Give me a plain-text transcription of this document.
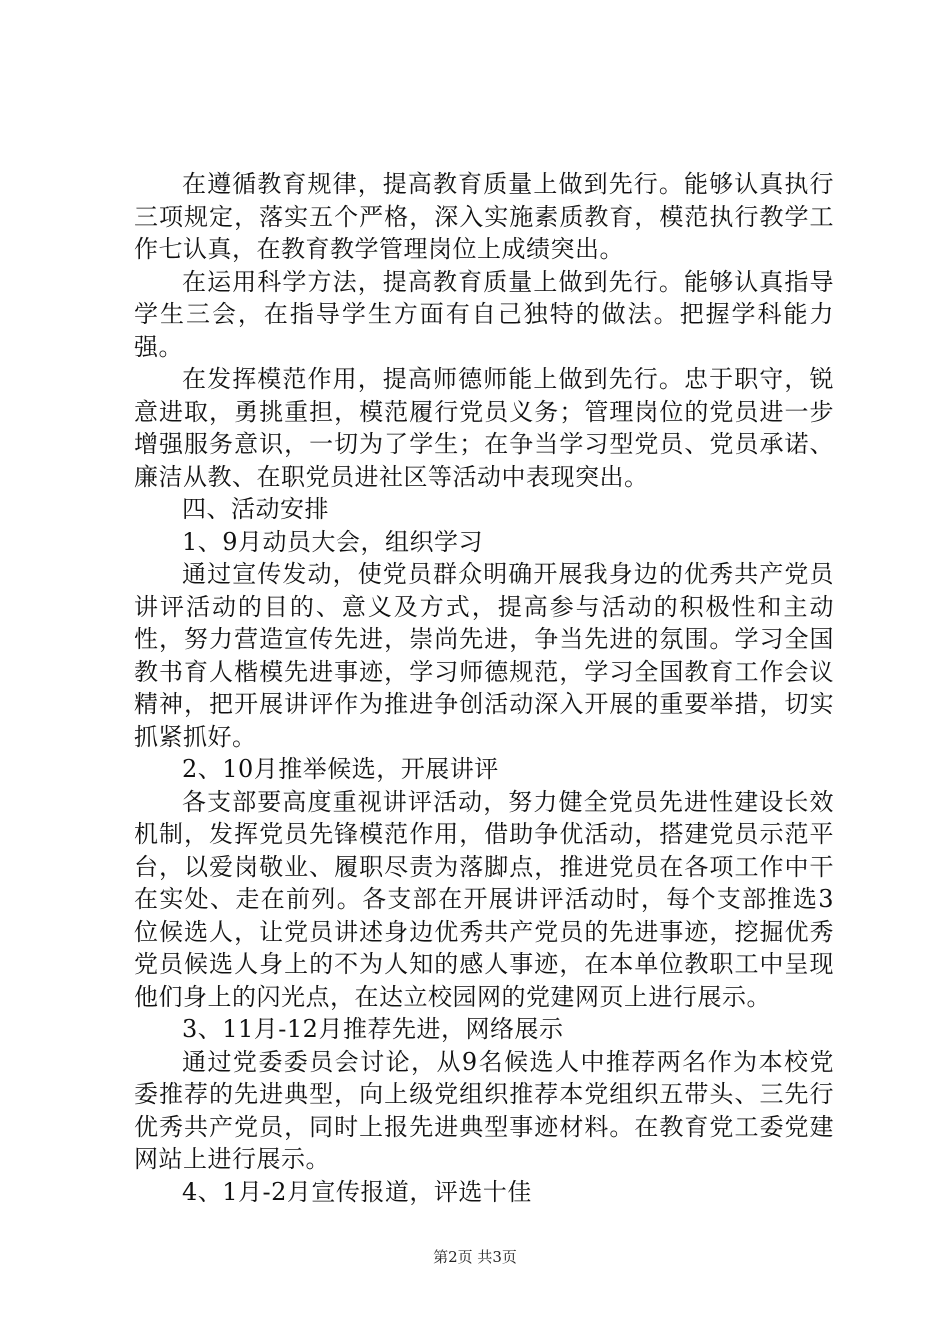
在遵循教育规律，提高教育质量上做到先行。能够认真执行三项规定，落实五个严格，深入实施素质教育，模范执行教学工作七认真，在教育教学管理岗位上成绩突出。

在运用科学方法，提高教育质量上做到先行。能够认真指导学生三会，在指导学生方面有自己独特的做法。把握学科能力强。

在发挥模范作用，提高师德师能上做到先行。忠于职守，锐意进取，勇挑重担，模范履行党员义务；管理岗位的党员进一步增强服务意识，一切为了学生；在争当学习型党员、党员承诺、廉洁从教、在职党员进社区等活动中表现突出。

四、活动安排

1、9月动员大会，组织学习

通过宣传发动，使党员群众明确开展我身边的优秀共产党员讲评活动的目的、意义及方式，提高参与活动的积极性和主动性，努力营造宣传先进，崇尚先进，争当先进的氛围。学习全国教书育人楷模先进事迹，学习师德规范，学习全国教育工作会议精神，把开展讲评作为推进争创活动深入开展的重要举措，切实抓紧抓好。

2、10月推举候选，开展讲评

各支部要高度重视讲评活动，努力健全党员先进性建设长效机制，发挥党员先锋模范作用，借助争优活动，搭建党员示范平台，以爱岗敬业、履职尽责为落脚点，推进党员在各项工作中干在实处、走在前列。各支部在开展讲评活动时，每个支部推选3位候选人，让党员讲述身边优秀共产党员的先进事迹，挖掘优秀党员候选人身上的不为人知的感人事迹，在本单位教职工中呈现他们身上的闪光点，在达立校园网的党建网页上进行展示。

3、11月-12月推荐先进，网络展示

通过党委委员会讨论，从9名候选人中推荐两名作为本校党委推荐的先进典型，向上级党组织推荐本党组织五带头、三先行优秀共产党员，同时上报先进典型事迹材料。在教育党工委党建网站上进行展示。

4、1月-2月宣传报道，评选十佳

第2页 共3页
